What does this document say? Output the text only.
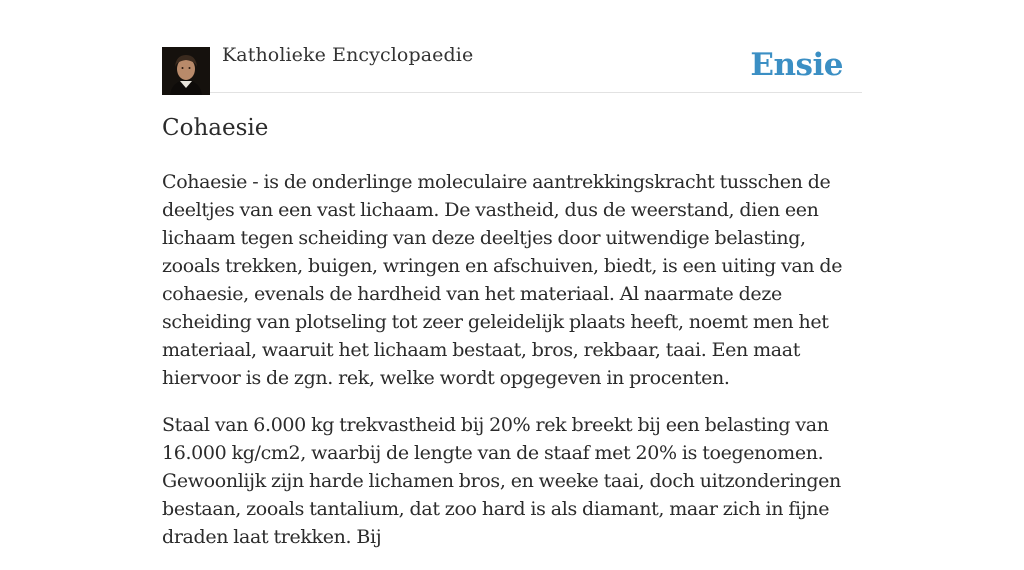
Katholieke Encyclopaedie	Ensie
Cohaesie

Cohaesie - is de onderlinge moleculaire aantrekkingskracht tusschen de deeltjes van een vast lichaam. De vastheid, dus de weerstand, dien een lichaam tegen scheiding van deze deeltjes door uitwendige belasting, zooals trekken, buigen, wringen en afschuiven, biedt, is een uiting van de cohaesie, evenals de hardheid van het materiaal. Al naarmate deze scheiding van plotseling tot zeer geleidelijk plaats heeft, noemt men het materiaal, waaruit het lichaam bestaat, bros, rekbaar, taai. Een maat hiervoor is de zgn. rek, welke wordt opgegeven in procenten.

Staal van 6.000 kg trekvastheid bij 20% rek breekt bij een belasting van 16.000 kg/cm2, waarbij de lengte van de staaf met 20% is toegenomen. Gewoonlijk zijn harde lichamen bros, en weeke taai, doch uitzonderingen bestaan, zooals tantalium, dat zoo hard is als diamant, maar zich in fijne draden laat trekken. Bij
